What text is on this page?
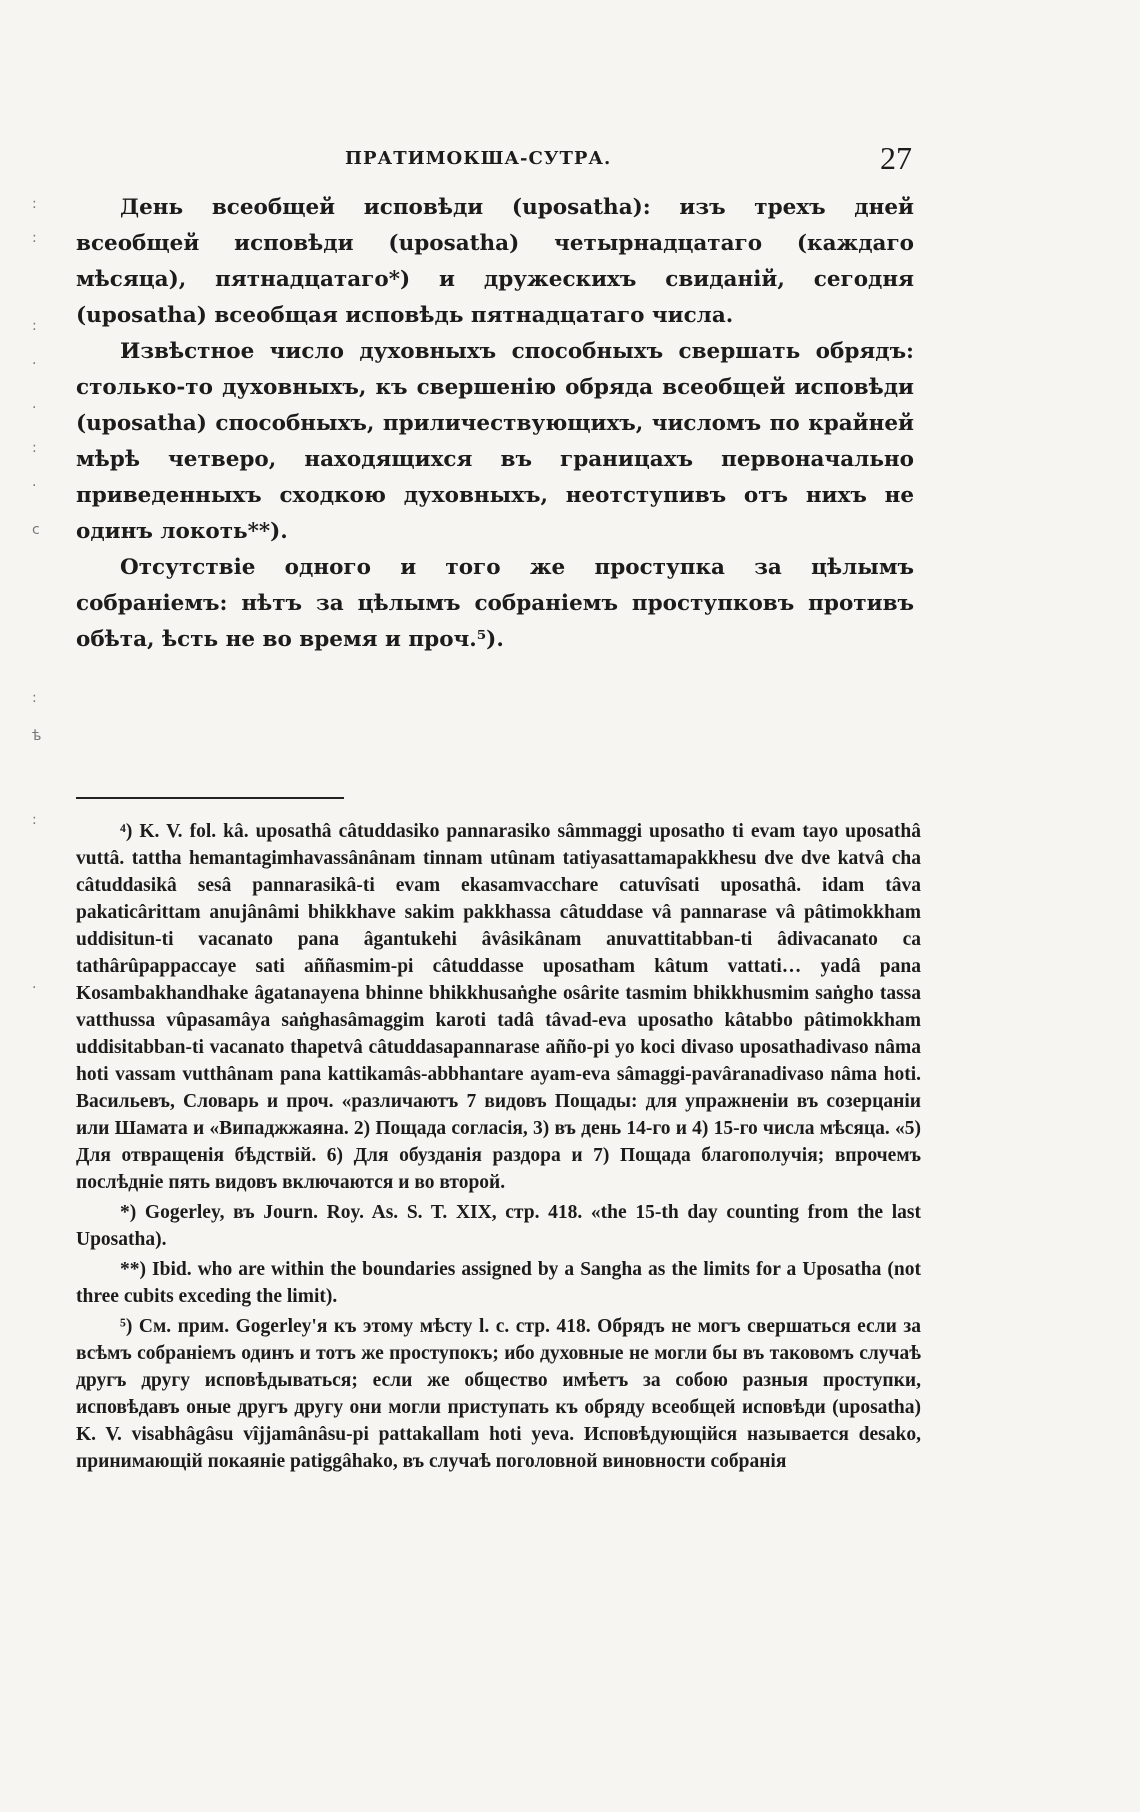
ПРАТИМОКША-СУТРА.	27
:
:
:
·
·
:
·
c
:
ѣ
:
·

День всеобщей исповѣди (uposatha): изъ трехъ дней всеобщей исповѣди (uposatha) четырнадцатаго (каждаго мѣсяца), пятнадцатаго*) и дружескихъ свиданій, сегодня (uposatha) всеобщая исповѣдь пятнадцатаго числа.

Извѣстное число духовныхъ способныхъ свершать обрядъ: столько-то духовныхъ, къ свершенію обряда всеобщей исповѣди (uposatha) способныхъ, приличествующихъ, числомъ по крайней мѣрѣ четверо, находящихся въ границахъ первоначально приведенныхъ сходкою духовныхъ, неотступивъ отъ нихъ не одинъ локоть**).

Отсутствіе одного и того же проступка за цѣлымъ собраніемъ: нѣтъ за цѣлымъ собраніемъ проступковъ противъ обѣта, ѣсть не во время и проч.⁵).

⁴) K. V. fol. kâ. uposathâ câtuddasiko pannarasiko sâmmaggi uposatho ti evam tayo uposathâ vuttâ. tattha hemantagimhavassânânam tinnam utûnam tatiyasattamapakkhesu dve dve katvâ cha câtuddasikâ sesâ pannarasikâ-ti evam ekasamvacchare catuvîsati uposathâ. idam tâva pakaticârittam anujânâmi bhikkhave sakim pakkhassa câtuddase vâ pannarase vâ pâtimokkham uddisitun-ti vacanato pana âgantukehi âvâsikânam anuvattitabban-ti âdivacanato ca tathârûpappaccaye sati aññasmim-pi câtuddasse uposatham kâtum vattati… yadâ pana Kosambakhandhake âgatanayena bhinne bhikkhusaṅghe osârite tasmim bhikkhusmim saṅgho tassa vatthussa vûpasamâya saṅghasâmaggim karoti tadâ tâvad-eva uposatho kâtabbo pâtimokkham uddisitabban-ti vacanato thapetvâ câtuddasapannarase añño-pi yo koci divaso uposathadivaso nâma hoti vassam vutthânam pana kattikamâs-abbhantare ayam-eva sâmaggi-pavâranadivaso nâma hoti. Васильевъ, Словарь и проч. «различаютъ 7 видовъ Пощады: для упражненіи въ созерцаніи или Шамата и «Випаджжаяна. 2) Пощада согласія, 3) въ день 14-го и 4) 15-го числа мѣсяца. «5) Для отвращенія бѣдствій. 6) Для обузданія раздора и 7) Пощада благополучія; впрочемъ послѣдніе пять видовъ включаются и во второй.

*) Gogerley, въ Journ. Roy. As. S. T. XIX, стр. 418. «the 15-th day counting from the last Uposatha).

**) Ibid. who are within the boundaries assigned by a Sangha as the limits for a Uposatha (not three cubits exceding the limit).

⁵) См. прим. Gogerley'я къ этому мѣсту l. c. стр. 418. Обрядъ не могъ свершаться если за всѣмъ собраніемъ одинъ и тотъ же проступокъ; ибо духовные не могли бы въ таковомъ случаѣ другъ другу исповѣдываться; если же общество имѣетъ за собою разныя проступки, исповѣдавъ оные другъ другу они могли приступать къ обряду всеобщей исповѣди (uposatha) K. V. visabhâgâsu vîjjamânâsu-pi pattakallam hoti yeva. Исповѣдующійся называется desako, принимающій покаяніе patiggâhako, въ случаѣ поголовной виновности собранія
